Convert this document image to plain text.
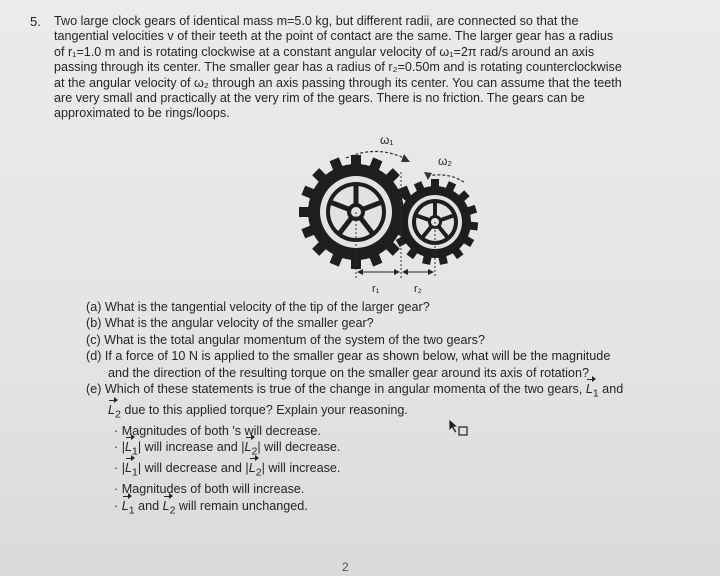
5. Two large clock gears of identical mass m=5.0 kg, but different radii, are connected so that the
tangential velocities v of their teeth at the point of contact are the same. The larger gear has a radius
of r₁=1.0 m and is rotating clockwise at a constant angular velocity of ω₁=2π rad/s around an axis
passing through its center. The smaller gear has a radius of r₂=0.50m and is rotating counterclockwise
at the angular velocity of ω₂ through an axis passing through its center. You can assume that the teeth
are very small and practically at the very rim of the gears. There is no friction. The gears can be
approximated to be rings/loops.
ω₁
ω₂
r₁	r₂
(a) What is the tangential velocity of the tip of the larger gear?
(b) What is the angular velocity of the smaller gear?
(c) What is the total angular momentum of the system of the two gears?
(d) If a force of 10 N is applied to the smaller gear as shown below, what will be the magnitude
and the direction of the resulting torque on the smaller gear around its axis of rotation?
(e) Which of these statements is true of the change in angular momenta of the two gears, $L_1$ and
$L_2$ due to this applied torque? Explain your reasoning.
· Magnitudes of both 's will decrease.
· $|L_1|$ will increase and $|L_2|$ will decrease.
· $|L_1|$ will decrease and $|L_2|$ will increase.
· Magnitudes of both will increase.
· $L_1$ and $L_2$ will remain unchanged.
2
